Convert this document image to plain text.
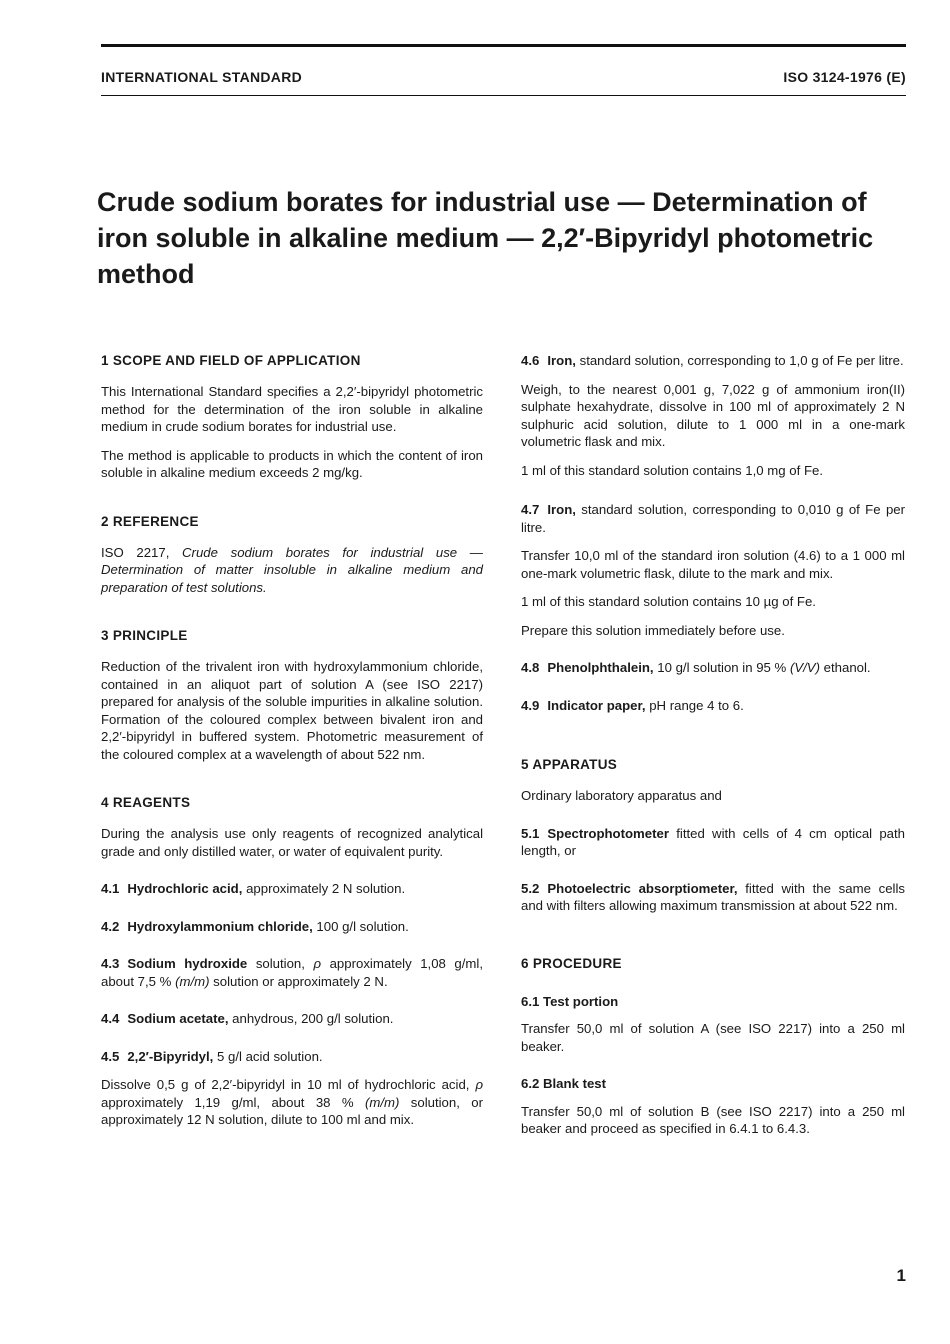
INTERNATIONAL STANDARD	ISO 3124-1976 (E)
Crude sodium borates for industrial use — Determination of iron soluble in alkaline medium — 2,2′-Bipyridyl photometric method
1 SCOPE AND FIELD OF APPLICATION

This International Standard specifies a 2,2′-bipyridyl photometric method for the determination of the iron soluble in alkaline medium in crude sodium borates for industrial use.

The method is applicable to products in which the content of iron soluble in alkaline medium exceeds 2 mg/kg.

2 REFERENCE

ISO 2217, Crude sodium borates for industrial use — Determination of matter insoluble in alkaline medium and preparation of test solutions.

3 PRINCIPLE

Reduction of the trivalent iron with hydroxylammonium chloride, contained in an aliquot part of solution A (see ISO 2217) prepared for analysis of the soluble impurities in alkaline solution. Formation of the coloured complex between bivalent iron and 2,2′-bipyridyl in buffered system. Photometric measurement of the coloured complex at a wavelength of about 522 nm.

4 REAGENTS

During the analysis use only reagents of recognized analytical grade and only distilled water, or water of equivalent purity.

4.1 Hydrochloric acid, approximately 2 N solution.

4.2 Hydroxylammonium chloride, 100 g/l solution.

4.3 Sodium hydroxide solution, ρ approximately 1,08 g/ml, about 7,5 % (m/m) solution or approximately 2 N.

4.4 Sodium acetate, anhydrous, 200 g/l solution.

4.5 2,2′-Bipyridyl, 5 g/l acid solution.

Dissolve 0,5 g of 2,2′-bipyridyl in 10 ml of hydrochloric acid, ρ approximately 1,19 g/ml, about 38 % (m/m) solution, or approximately 12 N solution, dilute to 100 ml and mix.

4.6 Iron, standard solution, corresponding to 1,0 g of Fe per litre.

Weigh, to the nearest 0,001 g, 7,022 g of ammonium iron(II) sulphate hexahydrate, dissolve in 100 ml of approximately 2 N sulphuric acid solution, dilute to 1 000 ml in a one-mark volumetric flask and mix.

1 ml of this standard solution contains 1,0 mg of Fe.

4.7 Iron, standard solution, corresponding to 0,010 g of Fe per litre.

Transfer 10,0 ml of the standard iron solution (4.6) to a 1 000 ml one-mark volumetric flask, dilute to the mark and mix.

1 ml of this standard solution contains 10 µg of Fe.

Prepare this solution immediately before use.

4.8 Phenolphthalein, 10 g/l solution in 95 % (V/V) ethanol.

4.9 Indicator paper, pH range 4 to 6.

5 APPARATUS

Ordinary laboratory apparatus and

5.1 Spectrophotometer fitted with cells of 4 cm optical path length, or

5.2 Photoelectric absorptiometer, fitted with the same cells and with filters allowing maximum transmission at about 522 nm.

6 PROCEDURE
6.1 Test portion

Transfer 50,0 ml of solution A (see ISO 2217) into a 250 ml beaker.

6.2 Blank test

Transfer 50,0 ml of solution B (see ISO 2217) into a 250 ml beaker and proceed as specified in 6.4.1 to 6.4.3.

1
